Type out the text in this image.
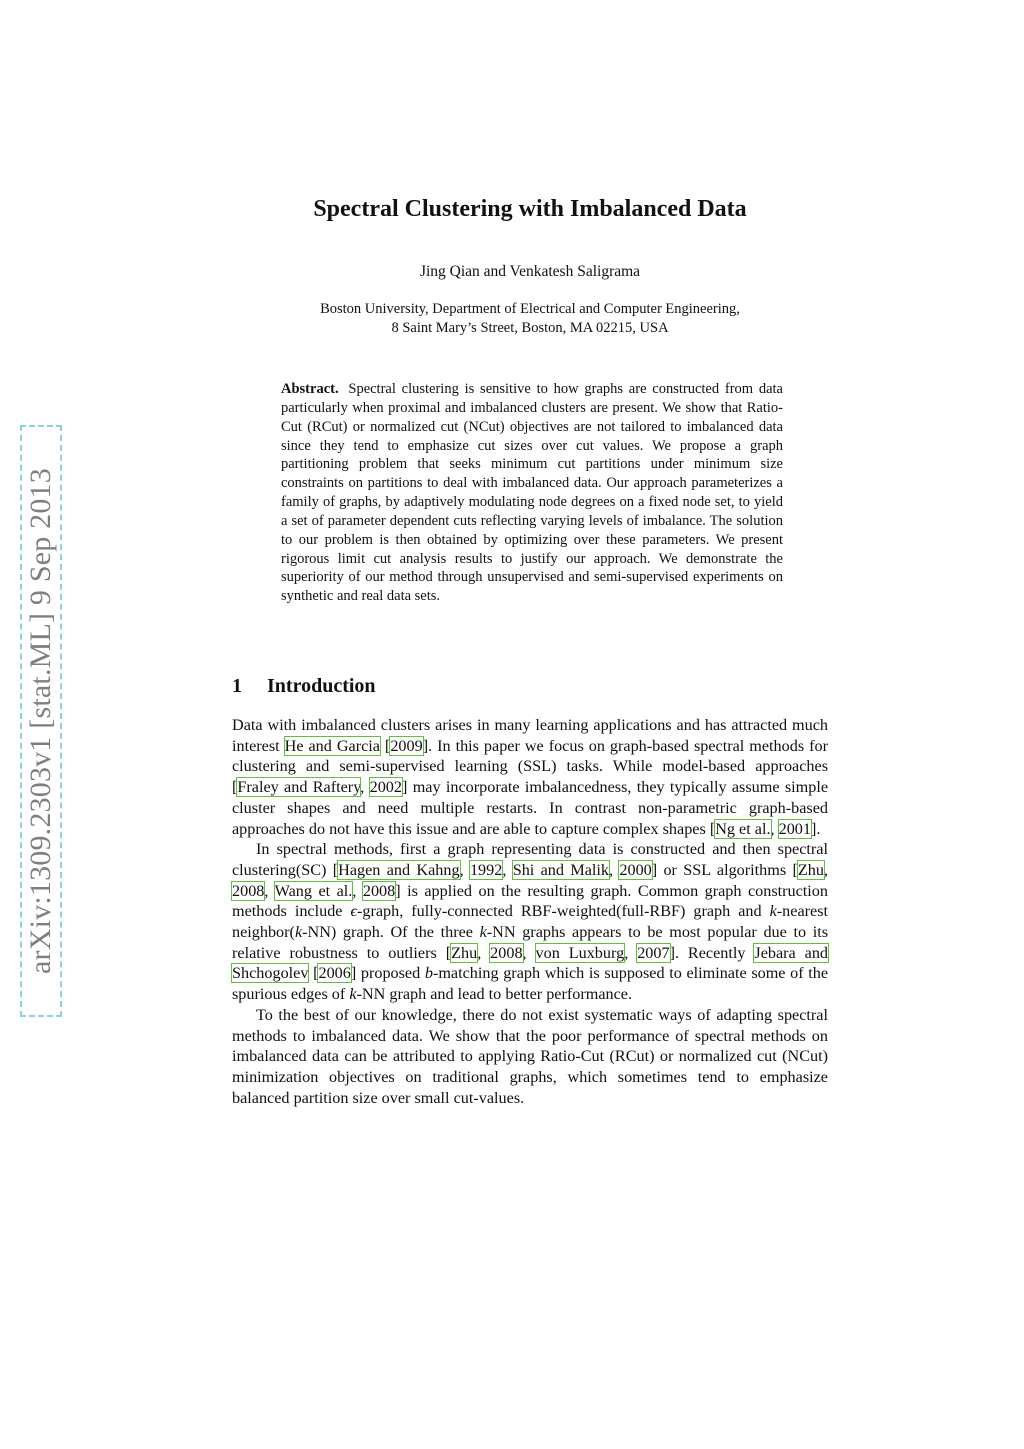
arXiv:1309.2303v1 [stat.ML] 9 Sep 2013
Spectral Clustering with Imbalanced Data
Jing Qian and Venkatesh Saligrama
Boston University, Department of Electrical and Computer Engineering,
8 Saint Mary’s Street, Boston, MA 02215, USA
Abstract. Spectral clustering is sensitive to how graphs are constructed from data particularly when proximal and imbalanced clusters are present. We show that Ratio-Cut (RCut) or normalized cut (NCut) objectives are not tailored to imbalanced data since they tend to emphasize cut sizes over cut values. We propose a graph partitioning problem that seeks minimum cut partitions under minimum size constraints on partitions to deal with imbalanced data. Our approach parameterizes a family of graphs, by adaptively modulating node degrees on a fixed node set, to yield a set of parameter dependent cuts reflecting varying levels of imbalance. The solution to our problem is then obtained by optimizing over these parameters. We present rigorous limit cut analysis results to justify our approach. We demonstrate the superiority of our method through unsupervised and semi-supervised experiments on synthetic and real data sets.
1 Introduction

Data with imbalanced clusters arises in many learning applications and has attracted much interest He and Garcia [2009]. In this paper we focus on graph-based spectral methods for clustering and semi-supervised learning (SSL) tasks. While model-based approaches [Fraley and Raftery, 2002] may incorporate imbalancedness, they typically assume simple cluster shapes and need multiple restarts. In contrast non-parametric graph-based approaches do not have this issue and are able to capture complex shapes [Ng et al., 2001].

In spectral methods, first a graph representing data is constructed and then spectral clustering(SC) [Hagen and Kahng, 1992, Shi and Malik, 2000] or SSL algorithms [Zhu, 2008, Wang et al., 2008] is applied on the resulting graph. Common graph construction methods include ϵ-graph, fully-connected RBF-weighted(full-RBF) graph and k-nearest neighbor(k-NN) graph. Of the three k-NN graphs appears to be most popular due to its relative robustness to outliers [Zhu, 2008, von Luxburg, 2007]. Recently Jebara and Shchogolev [2006] proposed b-matching graph which is supposed to eliminate some of the spurious edges of k-NN graph and lead to better performance.

To the best of our knowledge, there do not exist systematic ways of adapting spectral methods to imbalanced data. We show that the poor performance of spectral methods on imbalanced data can be attributed to applying Ratio-Cut (RCut) or normalized cut (NCut) minimization objectives on traditional graphs, which sometimes tend to emphasize balanced partition size over small cut-values.
